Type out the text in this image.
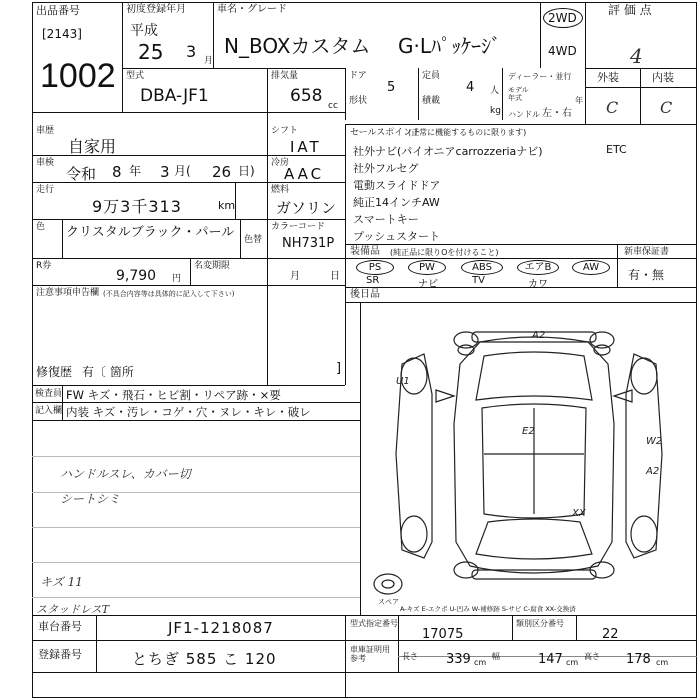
出品番号
[2143]
1002
初度登録年月
平成
25 3 月
車名・グレード
N_BOXカスタム G·Lﾊﾟｯｹｰｼﾞ
2WD
4WD
評 価 点
4
外装	内装
C	C
型式
DBA-JF1
排気量
658 cc
ドア
5
定員
4 人
形状	積載
kg
ディーラー・並行
モデル年式	年
ハンドル 左・右
車歴
自家用
シフト
IAT
車検
令和 8 年 3 月( 26 日)
冷房
AAC
走行
9万3千313	km
燃料
ガソリン
色 クリスタルブラック・パール 色替
カラーコード
NH731P
R券
9,790 円
名変期限
月	日
注意事項申告欄 (不具合内容等は具体的に記入して下さい)
修復歴 有〔 箇所	]
セールスポイント
(正常に機能するものに限ります)
社外ナビ(パイオニアcarrozzeriaナビ)
社外フルセグ
電動スライドドア
純正14インチAW
スマートキー
プッシュスタート
ETC
装備品 (純正品に限りOを付けること)	新車保証書
有・無
PS	PW	ABS	エアB	AW
SR	ナビ	TV	カワ
後日品
検査員
記入欄
FW キズ・飛石・ヒビ割・リペア跡・×要
内装 キズ・汚レ・コゲ・穴・ヌレ・キレ・破レ
ハンドルスレ、カバー切
シートシミ
キズ 11
スタッドレスT
A2
U1
E2
W2
A2
XX
スペア
A-キズ E-エクボ U-凹み W-補修跡 S-サビ C-腐食 XX-交換済
車台番号	JF1-1218087
登録番号	とちぎ 585 こ 120
型式指定番号
17075
類別区分番号
22
車庫証明用参考	長さ 339 cm
幅	147 cm
高さ 178 cm
